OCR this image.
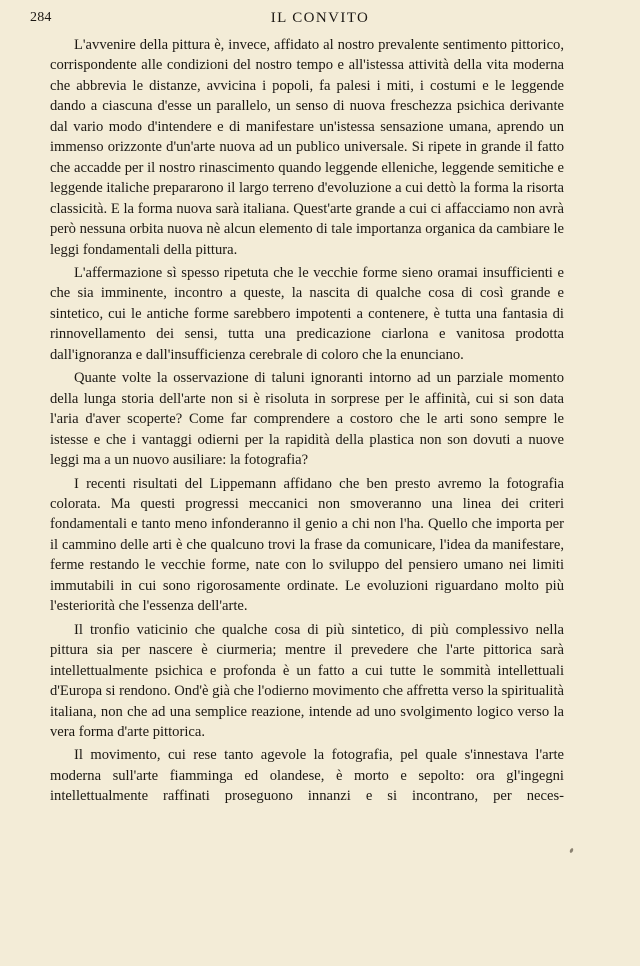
284	IL CONVITO

L'avvenire della pittura è, invece, affidato al nostro prevalente sentimento pittorico, corrispondente alle condizioni del nostro tempo e all'istessa attività della vita moderna che abbrevia le distanze, avvicina i popoli, fa palesi i miti, i costumi e le leggende dando a ciascuna d'esse un parallelo, un senso di nuova freschezza psichica derivante dal vario modo d'intendere e di manifestare un'istessa sensazione umana, aprendo un immenso orizzonte d'un'arte nuova ad un publico universale. Si ripete in grande il fatto che accadde per il nostro rinascimento quando leggende elleniche, leggende semitiche e leggende italiche prepararono il largo terreno d'evoluzione a cui dettò la forma la risorta classicità. E la forma nuova sarà italiana. Quest'arte grande a cui ci affacciamo non avrà però nessuna orbita nuova nè alcun elemento di tale importanza organica da cambiare le leggi fondamentali della pittura.

L'affermazione sì spesso ripetuta che le vecchie forme sieno oramai insufficienti e che sia imminente, incontro a queste, la nascita di qualche cosa di così grande e sintetico, cui le antiche forme sarebbero impotenti a contenere, è tutta una fantasia di rinnovellamento dei sensi, tutta una predicazione ciarlona e vanitosa prodotta dall'ignoranza e dall'insufficienza cerebrale di coloro che la enunciano.

Quante volte la osservazione di taluni ignoranti intorno ad un parziale momento della lunga storia dell'arte non si è risoluta in sorprese per le affinità, cui si son data l'aria d'aver scoperte? Come far comprendere a costoro che le arti sono sempre le istesse e che i vantaggi odierni per la rapidità della plastica non son dovuti a nuove leggi ma a un nuovo ausiliare: la fotografia?

I recenti risultati del Lippemann affidano che ben presto avremo la fotografia colorata. Ma questi progressi meccanici non smoveranno una linea dei criteri fondamentali e tanto meno infonderanno il genio a chi non l'ha. Quello che importa per il cammino delle arti è che qualcuno trovi la frase da comunicare, l'idea da manifestare, ferme restando le vecchie forme, nate con lo sviluppo del pensiero umano nei limiti immutabili in cui sono rigorosamente ordinate. Le evoluzioni riguardano molto più l'esteriorità che l'essenza dell'arte.

Il tronfio vaticinio che qualche cosa di più sintetico, di più complessivo nella pittura sia per nascere è ciurmeria; mentre il prevedere che l'arte pittorica sarà intellettualmente psichica e profonda è un fatto a cui tutte le sommità intellettuali d'Europa si rendono. Ond'è già che l'odierno movimento che affretta verso la spiritualità italiana, non che ad una semplice reazione, intende ad uno svolgimento logico verso la vera forma d'arte pittorica.

Il movimento, cui rese tanto agevole la fotografia, pel quale s'innestava l'arte moderna sull'arte fiamminga ed olandese, è morto e sepolto: ora gl'ingegni intellettualmente raffinati proseguono innanzi e si incontrano, per neces-
